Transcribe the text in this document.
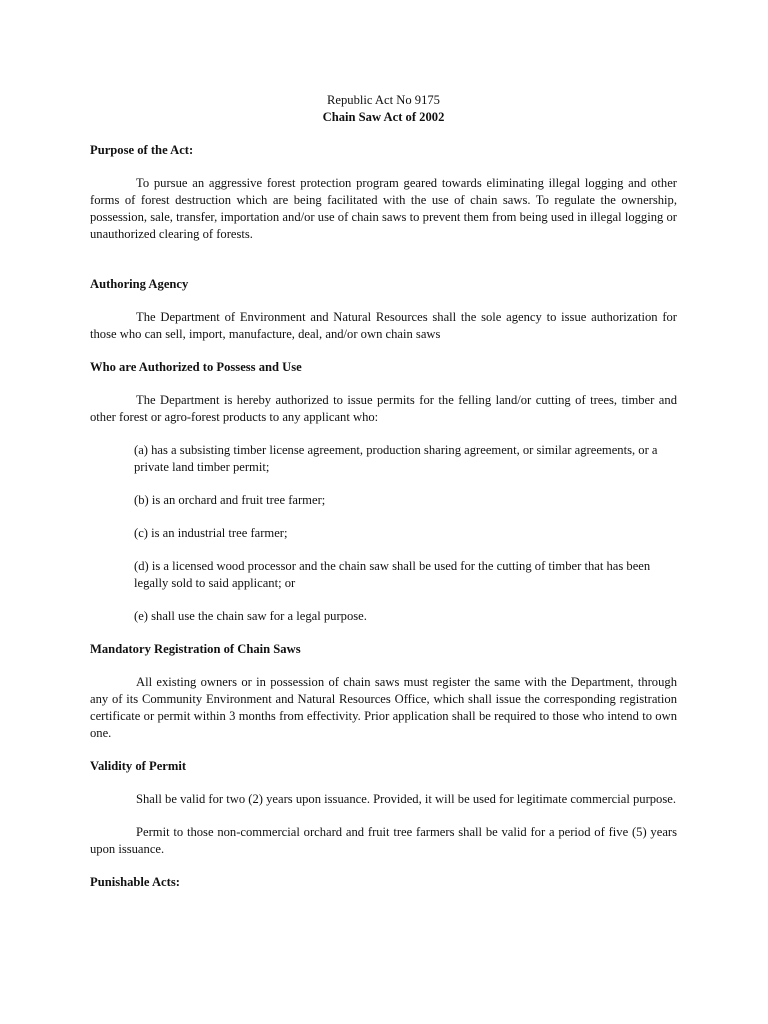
Republic Act No 9175

Chain Saw Act of 2002

Purpose of the Act:

To pursue an aggressive forest protection program geared towards eliminating illegal logging and other forms of forest destruction which are being facilitated with the use of chain saws. To regulate the ownership, possession, sale, transfer, importation and/or use of chain saws to prevent them from being used in illegal logging or unauthorized clearing of forests.

Authoring Agency

The Department of Environment and Natural Resources shall the sole agency to issue authorization for those who can sell, import, manufacture, deal, and/or own chain saws

Who are Authorized to Possess and Use

The Department is hereby authorized to issue permits for the felling land/or cutting of trees, timber and other forest or agro-forest products to any applicant who:

(a) has a subsisting timber license agreement, production sharing agreement, or similar agreements, or a private land timber permit;

(b) is an orchard and fruit tree farmer;

(c) is an industrial tree farmer;

(d) is a licensed wood processor and the chain saw shall be used for the cutting of timber that has been legally sold to said applicant; or

(e) shall use the chain saw for a legal purpose.

Mandatory Registration of Chain Saws

All existing owners or in possession of chain saws must register the same with the Department, through any of its Community Environment and Natural Resources Office, which shall issue the corresponding registration certificate or permit within 3 months from effectivity. Prior application shall be required to those who intend to own one.

Validity of Permit

Shall be valid for two (2) years upon issuance. Provided, it will be used for legitimate commercial purpose.

Permit to those non-commercial orchard and fruit tree farmers shall be valid for a period of five (5) years upon issuance.

Punishable Acts:
